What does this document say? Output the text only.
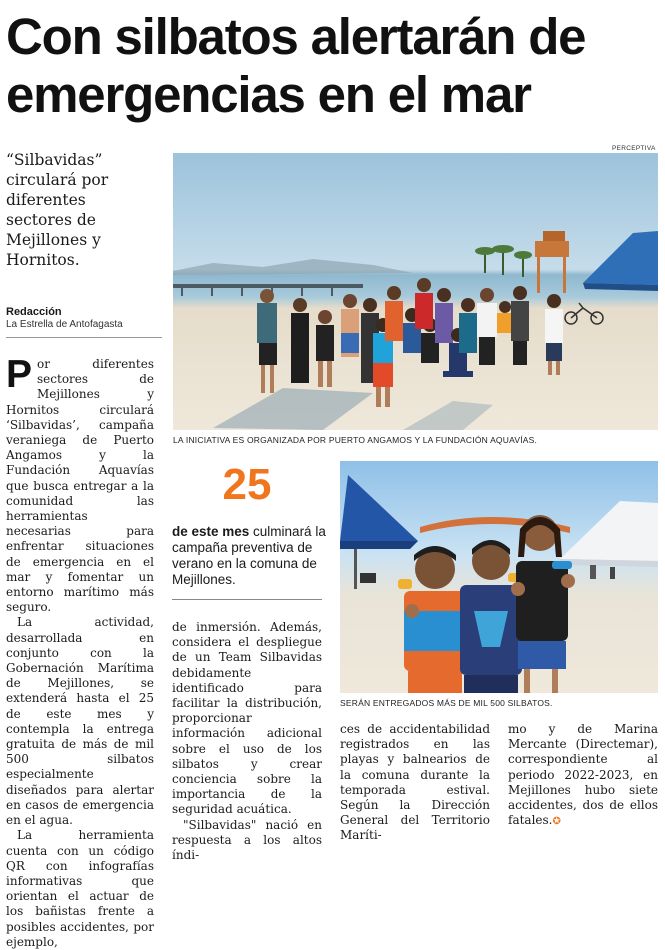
Con silbatos alertarán de
emergencias en el mar
“Silbavidas” circulará por diferentes sectores de Mejillones y Hornitos.
Redacción
La Estrella de Antofagasta
PERCEPTIVA
LA INICIATIVA ES ORGANIZADA POR PUERTO ANGAMOS Y LA FUNDACIÓN AQUAVÍAS.
25
de este mes culminará la campaña preventiva de verano en la comuna de Mejillones.
SERÁN ENTREGADOS MÁS DE MIL 500 SILBATOS.

Por diferentes sectores de Mejillones y Hornitos circulará ‘Silbavidas’, campaña veraniega de Puerto Angamos y la Fundación Aquavías que busca entregar a la comunidad las herramientas necesarias para enfrentar situaciones de emergencia en el mar y fomentar un entorno marítimo más seguro.

La actividad, desarrollada en conjunto con la Gobernación Marítima de Mejillones, se extenderá hasta el 25 de este mes y contempla la entrega gratuita de más de mil 500 silbatos especialmente diseñados para alertar en casos de emergencia en el agua.

La herramienta cuenta con un código QR con infografías informativas que orientan el actuar de los bañistas frente a posibles accidentes, por ejemplo,

de inmersión. Además, considera el despliegue de un Team Silbavidas debidamente identificado para facilitar la distribución, proporcionar información adicional sobre el uso de los silbatos y crear conciencia sobre la importancia de la seguridad acuática.

"Silbavidas" nació en respuesta a los altos índi-

ces de accidentabilidad registrados en las playas y balnearios de la comuna durante la temporada estival. Según la Dirección General del Territorio Maríti-

mo y de Marina Mercante (Directemar), correspondiente al periodo 2022-2023, en Mejillones hubo siete accidentes, dos de ellos fatales.✪
